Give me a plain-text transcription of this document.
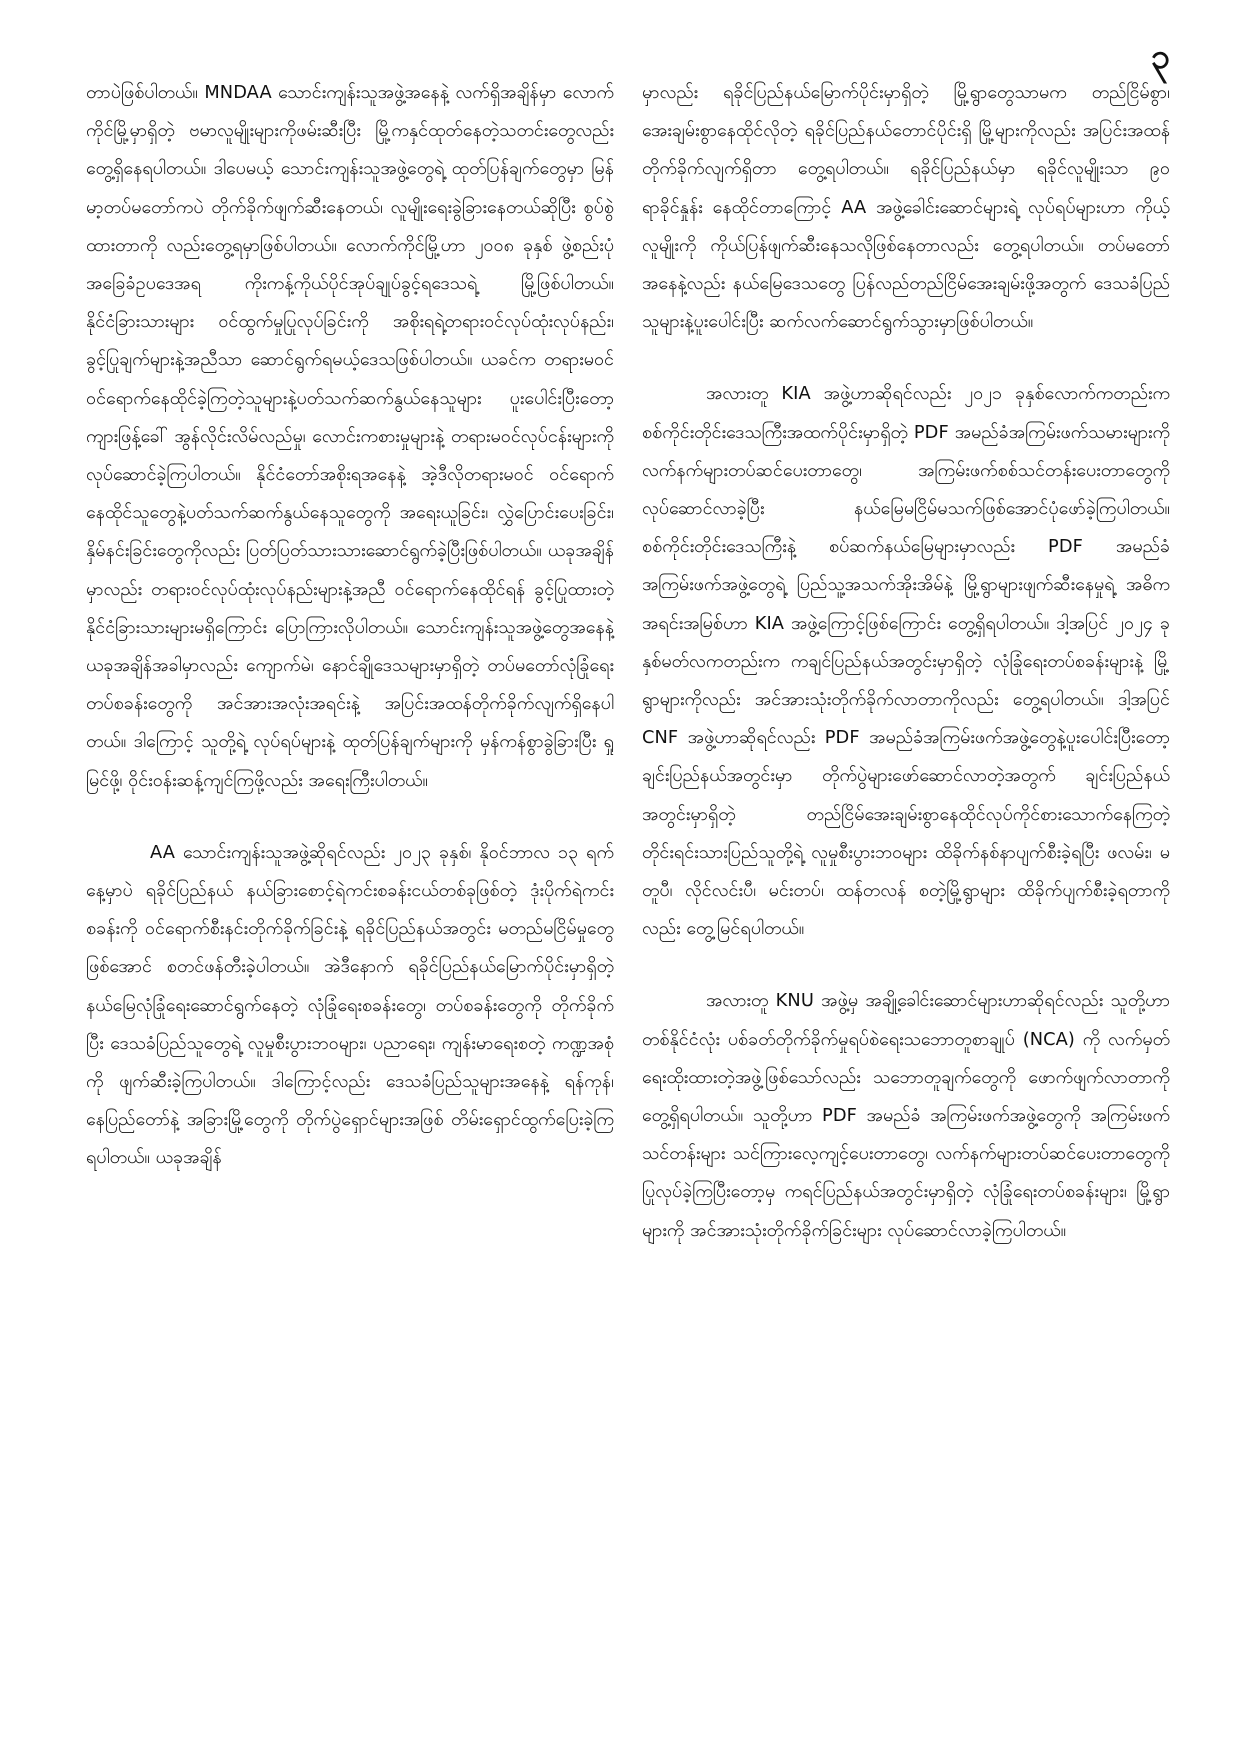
၃

တာပဲဖြစ်ပါတယ်။ MNDAA သောင်းကျန်းသူအဖွဲ့အနေနဲ့ လက်ရှိအချိန်မှာ လောက်ကိုင်မြို့မှာရှိတဲ့ ဗမာလူမျိုးများကိုဖမ်းဆီးပြီး မြို့ကနှင်ထုတ်နေတဲ့သတင်းတွေလည်း တွေ့ရှိနေရပါတယ်။ ဒါပေမယ့် သောင်းကျန်းသူအဖွဲ့တွေရဲ့ ထုတ်ပြန်ချက်တွေမှာ မြန်မာ့တပ်မတော်ကပဲ တိုက်ခိုက်ဖျက်ဆီးနေတယ်၊ လူမျိုးရေးခွဲခြားနေတယ်ဆိုပြီး စွပ်စွဲထားတာကို လည်းတွေ့ရမှာဖြစ်ပါတယ်။ လောက်ကိုင်မြို့ဟာ ၂၀၀၈ ခုနှစ် ဖွဲ့စည်းပုံအခြေခံဥပဒေအရ ကိုးကန့်ကိုယ်ပိုင်အုပ်ချုပ်ခွင့်ရဒေသရဲ့ မြို့ဖြစ်ပါတယ်။ နိုင်ငံခြားသားများ ဝင်ထွက်မှုပြုလုပ်ခြင်းကို အစိုးရရဲ့တရားဝင်လုပ်ထုံးလုပ်နည်း၊ ခွင့်ပြုချက်များနဲ့အညီသာ ဆောင်ရွက်ရမယ့်ဒေသဖြစ်ပါတယ်။ ယခင်က တရားမဝင် ဝင်ရောက်နေထိုင်ခဲ့ကြတဲ့သူများနဲ့ပတ်သက်ဆက်နွယ်နေသူများ ပူးပေါင်းပြီးတော့ ကျားဖြန့်ခေါ် အွန်လိုင်းလိမ်လည်မှု၊ လောင်းကစားမှုများနဲ့ တရားမဝင်လုပ်ငန်းများကို လုပ်ဆောင်ခဲ့ကြပါတယ်။ နိုင်ငံတော်အစိုးရအနေနဲ့ အဲ့ဒီလိုတရားမဝင် ဝင်ရောက်နေထိုင်သူတွေနဲ့ပတ်သက်ဆက်နွယ်နေသူတွေကို အရေးယူခြင်း၊ လွှဲပြောင်းပေးခြင်း၊ နှိမ်နင်းခြင်းတွေကိုလည်း ပြတ်ပြတ်သားသားဆောင်ရွက်ခဲ့ပြီးဖြစ်ပါတယ်။ ယခုအချိန်မှာလည်း တရားဝင်လုပ်ထုံးလုပ်နည်းများနဲ့အညီ ဝင်ရောက်နေထိုင်ရန် ခွင့်ပြုထားတဲ့ နိုင်ငံခြားသားများမရှိကြောင်း ပြောကြားလိုပါတယ်။ သောင်းကျန်းသူအဖွဲ့တွေအနေနဲ့ ယခုအချိန်အခါမှာလည်း ကျောက်မဲ၊ နောင်ချိုဒေသများမှာရှိတဲ့ တပ်မတော်လုံခြုံရေးတပ်စခန်းတွေကို အင်အားအလုံးအရင်းနဲ့ အပြင်းအထန်တိုက်ခိုက်လျက်ရှိနေပါတယ်။ ဒါကြောင့် သူတို့ရဲ့ လုပ်ရပ်များနဲ့ ထုတ်ပြန်ချက်များကို မှန်ကန်စွာခွဲခြားပြီး ရှုမြင်ဖို့၊ ဝိုင်းဝန်းဆန့်ကျင်ကြဖို့လည်း အရေးကြီးပါတယ်။

AA သောင်းကျန်းသူအဖွဲ့ဆိုရင်လည်း ၂၀၂၃ ခုနှစ်၊ နိုဝင်ဘာလ ၁၃ ရက်နေ့မှာပဲ ရခိုင်ပြည်နယ် နယ်ခြားစောင့်ရဲကင်းစခန်းငယ်တစ်ခုဖြစ်တဲ့ ဒုံးပိုက်ရဲကင်းစခန်းကို ဝင်ရောက်စီးနင်းတိုက်ခိုက်ခြင်းနဲ့ ရခိုင်ပြည်နယ်အတွင်း မတည်မငြိမ်မှုတွေဖြစ်အောင် စတင်ဖန်တီးခဲ့ပါတယ်။ အဲဒီနောက် ရခိုင်ပြည်နယ်မြောက်ပိုင်းမှာရှိတဲ့ နယ်မြေလုံခြုံရေးဆောင်ရွက်နေတဲ့ လုံခြုံရေးစခန်းတွေ၊ တပ်စခန်းတွေကို တိုက်ခိုက်ပြီး ဒေသခံပြည်သူတွေရဲ့ လူမှုစီးပွားဘဝများ၊ ပညာရေး၊ ကျန်းမာရေးစတဲ့ ကဏ္ဍအစုံကို ဖျက်ဆီးခဲ့ကြပါတယ်။ ဒါကြောင့်လည်း ဒေသခံပြည်သူများအနေနဲ့ ရန်ကုန်၊ နေပြည်တော်နဲ့ အခြားမြို့တွေကို တိုက်ပွဲရှောင်များအဖြစ် တိမ်းရှောင်ထွက်ပြေးခဲ့ကြရပါတယ်။ ယခုအချိန်

မှာလည်း ရခိုင်ပြည်နယ်မြောက်ပိုင်းမှာရှိတဲ့ မြို့ရွာတွေသာမက တည်ငြိမ်စွာ၊ အေးချမ်းစွာနေထိုင်လိုတဲ့ ရခိုင်ပြည်နယ်တောင်ပိုင်းရှိ မြို့များကိုလည်း အပြင်းအထန်တိုက်ခိုက်လျက်ရှိတာ တွေ့ရပါတယ်။ ရခိုင်ပြည်နယ်မှာ ရခိုင်လူမျိုးသာ ၉၀ ရာခိုင်နှုန်း နေထိုင်တာကြောင့် AA အဖွဲ့ခေါင်းဆောင်များရဲ့ လုပ်ရပ်များဟာ ကိုယ့်လူမျိုးကို ကိုယ်ပြန်ဖျက်ဆီးနေသလိုဖြစ်နေတာလည်း တွေ့ရပါတယ်။ တပ်မတော်အနေနဲ့လည်း နယ်မြေဒေသတွေ ပြန်လည်တည်ငြိမ်အေးချမ်းဖို့အတွက် ဒေသခံပြည်သူများနဲ့ပူးပေါင်းပြီး ဆက်လက်ဆောင်ရွက်သွားမှာဖြစ်ပါတယ်။

အလားတူ KIA အဖွဲ့ဟာဆိုရင်လည်း ၂၀၂၁ ခုနှစ်လောက်ကတည်းက စစ်ကိုင်းတိုင်းဒေသကြီးအထက်ပိုင်းမှာရှိတဲ့ PDF အမည်ခံအကြမ်းဖက်သမားများကို လက်နက်များတပ်ဆင်ပေးတာတွေ၊ အကြမ်းဖက်စစ်သင်တန်းပေးတာတွေကို လုပ်ဆောင်လာခဲ့ပြီး နယ်မြေမငြိမ်မသက်ဖြစ်အောင်ပုံဖော်ခဲ့ကြပါတယ်။ စစ်ကိုင်းတိုင်းဒေသကြီးနဲ့ စပ်ဆက်နယ်မြေများမှာလည်း PDF အမည်ခံ အကြမ်းဖက်အဖွဲ့တွေရဲ့ ပြည်သူ့အသက်အိုးအိမ်နဲ့ မြို့ရွာများဖျက်ဆီးနေမှုရဲ့ အဓိကအရင်းအမြစ်ဟာ KIA အဖွဲ့ကြောင့်ဖြစ်ကြောင်း တွေ့ရှိရပါတယ်။ ဒါ့အပြင် ၂၀၂၄ ခုနှစ်မတ်လကတည်းက ကချင်ပြည်နယ်အတွင်းမှာရှိတဲ့ လုံခြုံရေးတပ်စခန်းများနဲ့ မြို့ရွာများကိုလည်း အင်အားသုံးတိုက်ခိုက်လာတာကိုလည်း တွေ့ရပါတယ်။ ဒါ့အပြင် CNF အဖွဲ့ဟာဆိုရင်လည်း PDF အမည်ခံအကြမ်းဖက်အဖွဲ့တွေနဲ့ပူးပေါင်းပြီးတော့ ချင်းပြည်နယ်အတွင်းမှာ တိုက်ပွဲများဖော်ဆောင်လာတဲ့အတွက် ချင်းပြည်နယ်အတွင်းမှာရှိတဲ့ တည်ငြိမ်အေးချမ်းစွာနေထိုင်လုပ်ကိုင်စားသောက်နေကြတဲ့ တိုင်းရင်းသားပြည်သူတို့ရဲ့ လူမှုစီးပွားဘဝများ ထိခိုက်နစ်နာပျက်စီးခဲ့ရပြီး ဖလမ်း၊ မတူပီ၊ လိုင်လင်းပီ၊ မင်းတပ်၊ ထန်တလန် စတဲ့မြို့ရွာများ ထိခိုက်ပျက်စီးခဲ့ရတာကိုလည်း တွေ့မြင်ရပါတယ်။

အလားတူ KNU အဖွဲ့မှ အချို့ခေါင်းဆောင်များဟာဆိုရင်လည်း သူတို့ဟာ တစ်နိုင်ငံလုံး ပစ်ခတ်တိုက်ခိုက်မှုရပ်စဲရေးသဘောတူစာချုပ် (NCA) ကို လက်မှတ်ရေးထိုးထားတဲ့အဖွဲ့ဖြစ်သော်လည်း သဘောတူချက်တွေကို ဖောက်ဖျက်လာတာကို တွေ့ရှိရပါတယ်။ သူတို့ဟာ PDF အမည်ခံ အကြမ်းဖက်အဖွဲ့တွေကို အကြမ်းဖက်သင်တန်းများ သင်ကြားလေ့ကျင့်ပေးတာတွေ၊ လက်နက်များတပ်ဆင်ပေးတာတွေကို ပြုလုပ်ခဲ့ကြပြီးတော့မှ ကရင်ပြည်နယ်အတွင်းမှာရှိတဲ့ လုံခြုံရေးတပ်စခန်းများ၊ မြို့ရွာများကို အင်အားသုံးတိုက်ခိုက်ခြင်းများ လုပ်ဆောင်လာခဲ့ကြပါတယ်။
